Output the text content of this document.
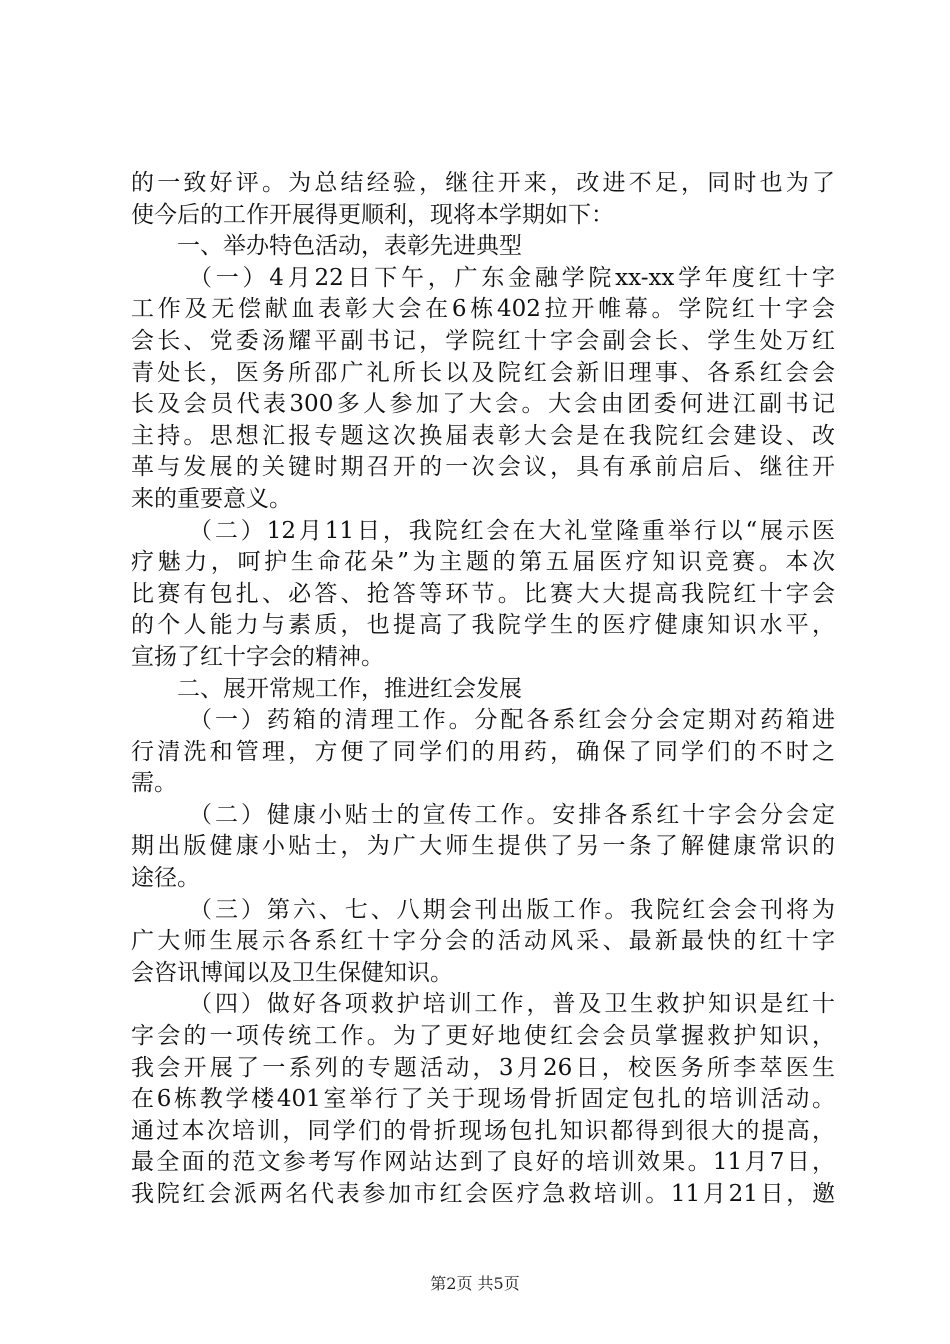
的一致好评。为总结经验，继往开来，改进不足，同时也为了
使今后的工作开展得更顺利，现将本学期如下：
一、举办特色活动，表彰先进典型
（一）4月22日下午，广东金融学院xx-xx学年度红十字
工作及无偿献血表彰大会在6栋402拉开帷幕。学院红十字会
会长、党委汤耀平副书记，学院红十字会副会长、学生处万红
青处长，医务所邵广礼所长以及院红会新旧理事、各系红会会
长及会员代表300多人参加了大会。大会由团委何进江副书记
主持。思想汇报专题这次换届表彰大会是在我院红会建设、改
革与发展的关键时期召开的一次会议，具有承前启后、继往开
来的重要意义。
（二）12月11日，我院红会在大礼堂隆重举行以“展示医
疗魅力，呵护生命花朵”为主题的第五届医疗知识竞赛。本次
比赛有包扎、必答、抢答等环节。比赛大大提高我院红十字会
的个人能力与素质，也提高了我院学生的医疗健康知识水平，
宣扬了红十字会的精神。
二、展开常规工作，推进红会发展
（一）药箱的清理工作。分配各系红会分会定期对药箱进
行清洗和管理，方便了同学们的用药，确保了同学们的不时之
需。
（二）健康小贴士的宣传工作。安排各系红十字会分会定
期出版健康小贴士，为广大师生提供了另一条了解健康常识的
途径。
（三）第六、七、八期会刊出版工作。我院红会会刊将为
广大师生展示各系红十字分会的活动风采、最新最快的红十字
会咨讯博闻以及卫生保健知识。
（四）做好各项救护培训工作，普及卫生救护知识是红十
字会的一项传统工作。为了更好地使红会会员掌握救护知识，
我会开展了一系列的专题活动，3月26日，校医务所李萃医生
在6栋教学楼401室举行了关于现场骨折固定包扎的培训活动。
通过本次培训，同学们的骨折现场包扎知识都得到很大的提高，
最全面的范文参考写作网站达到了良好的培训效果。11月7日，
我院红会派两名代表参加市红会医疗急救培训。11月21日，邀
第2页 共5页
